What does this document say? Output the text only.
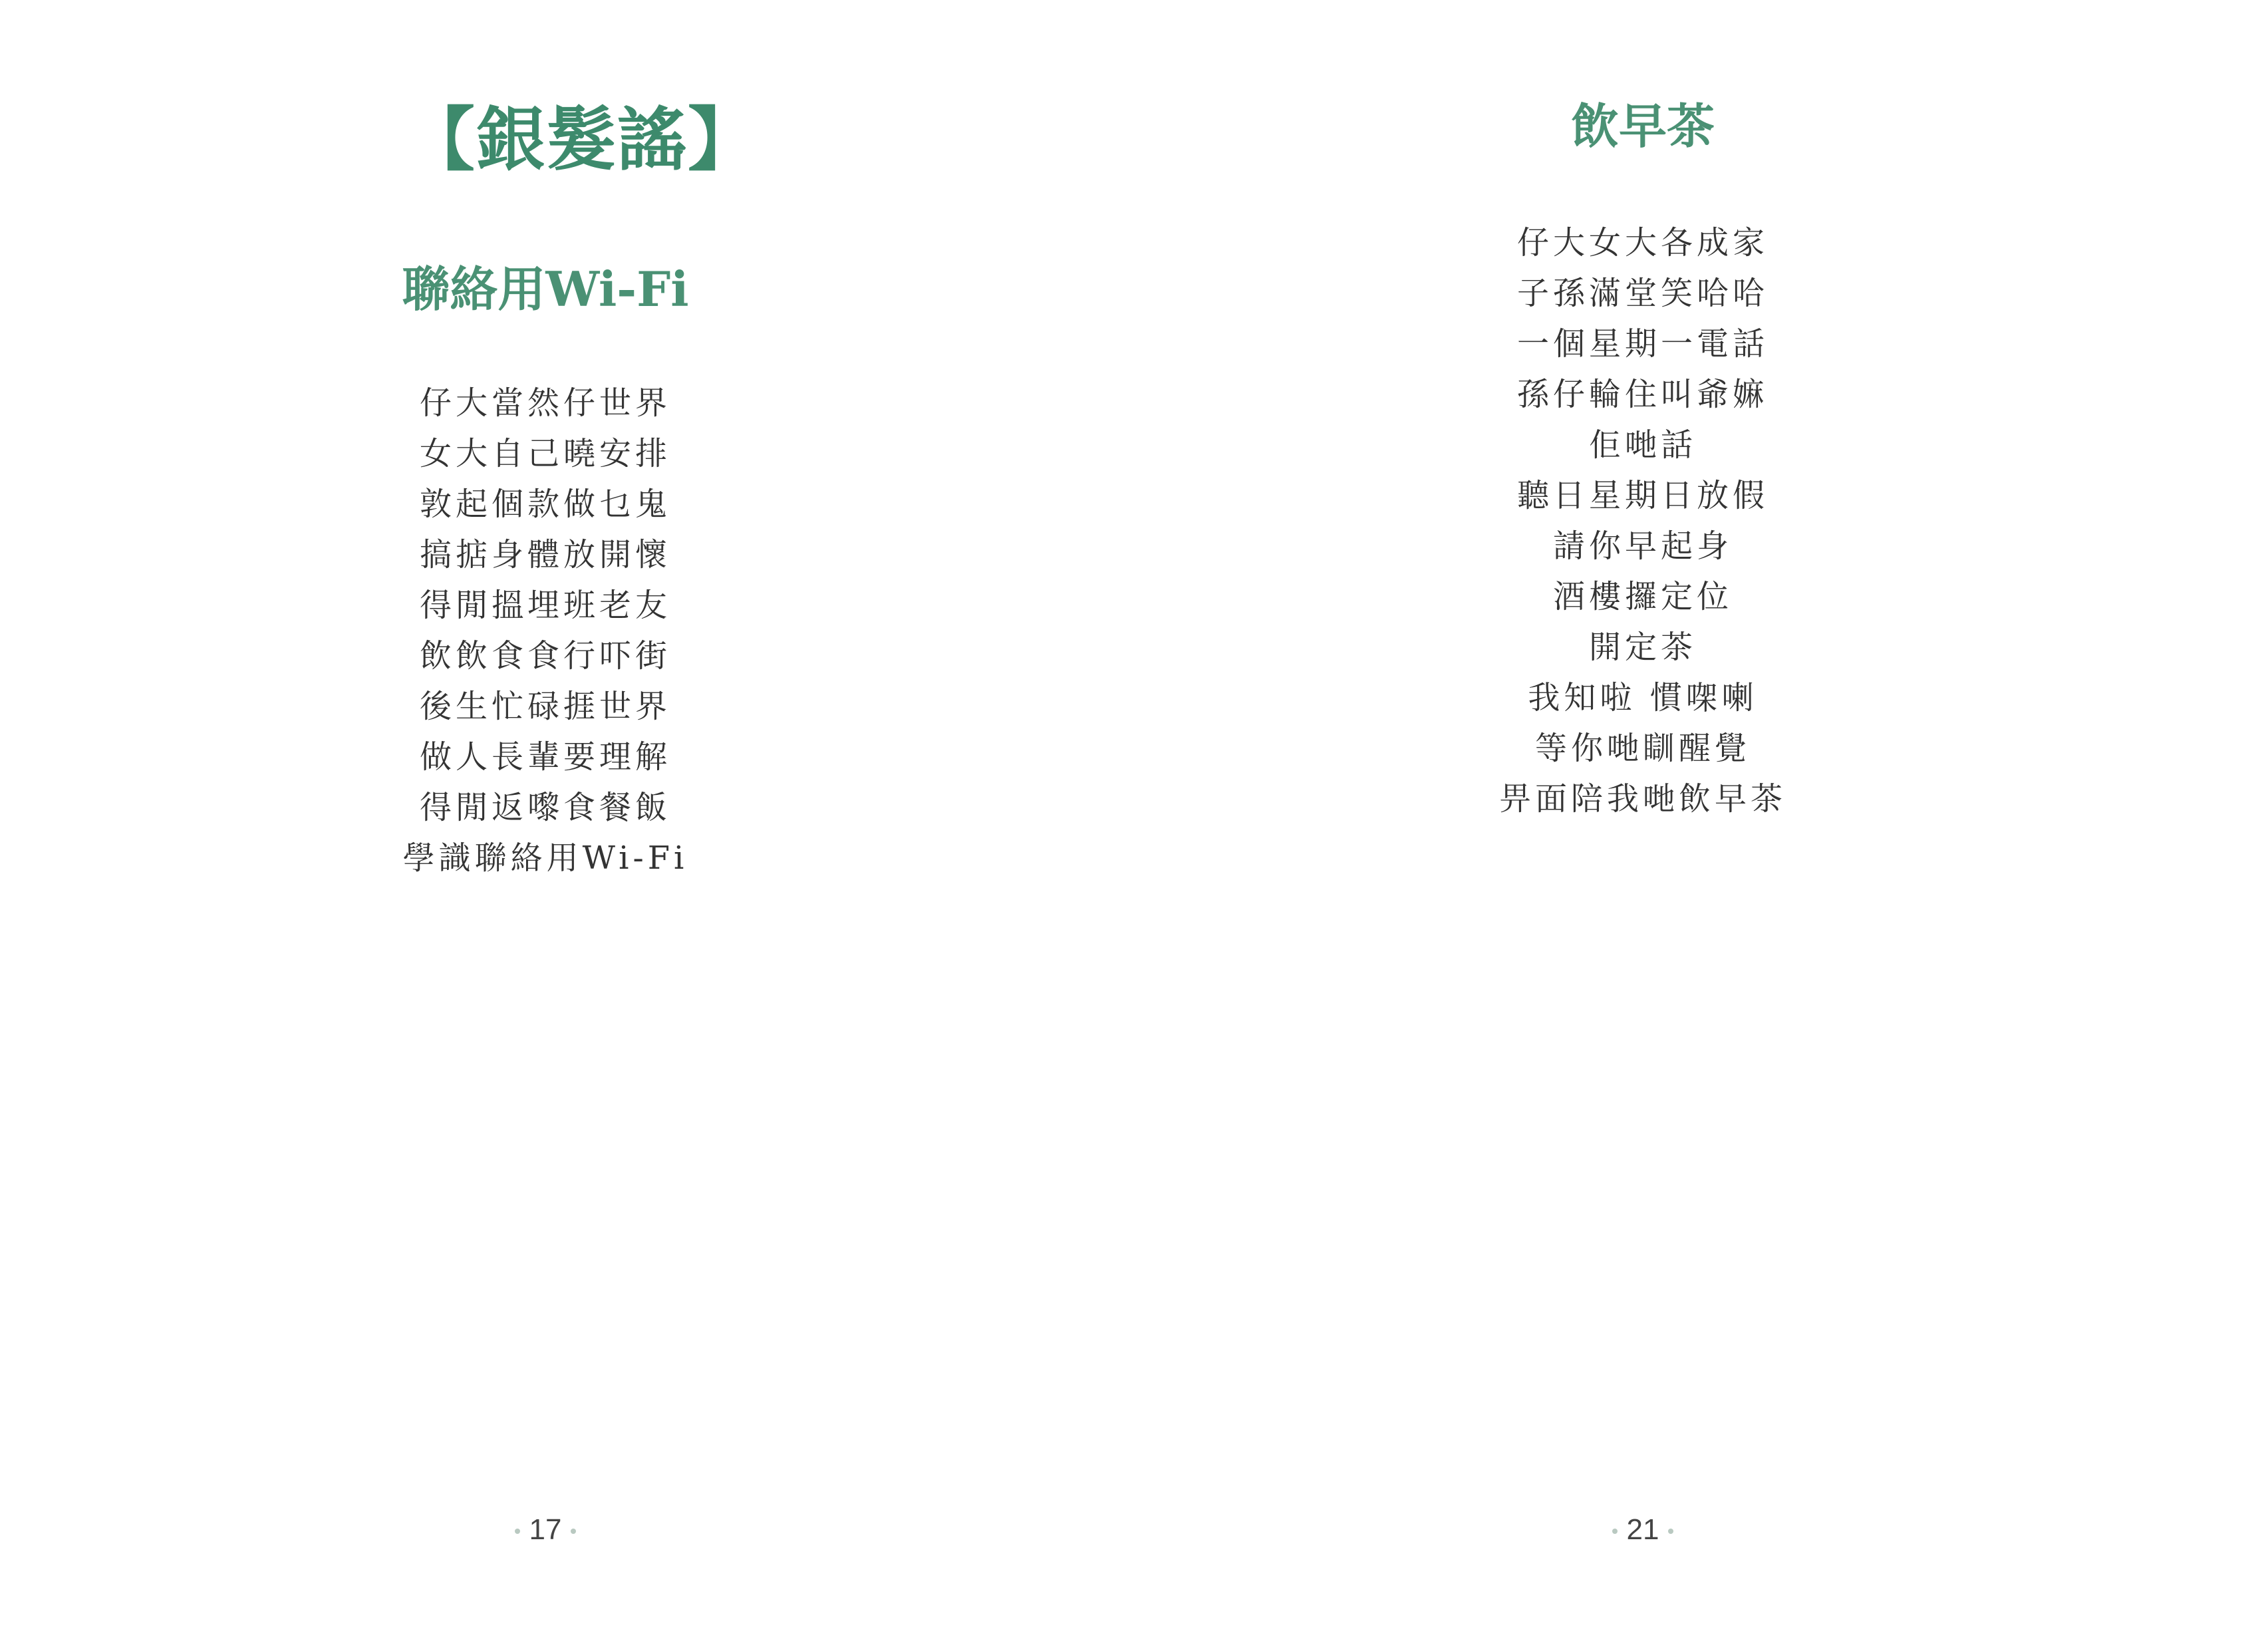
【銀髮謠】
聯絡用Wi-Fi
仔大當然仔世界
女大自己曉安排
敦起個款做乜鬼
搞掂身體放開懷
得閒搵埋班老友
飲飲食食行吓街
後生忙碌捱世界
做人長輩要理解
得閒返嚟食餐飯
學識聯絡用Wi-Fi
17
飲早茶
仔大女大各成家
子孫滿堂笑哈哈
一個星期一電話
孫仔輪住叫爺嫲
佢哋話
聽日星期日放假
請你早起身
酒樓攞定位
開定茶
我知啦 慣㗎喇
等你哋瞓醒覺
畀面陪我哋飲早茶
21
